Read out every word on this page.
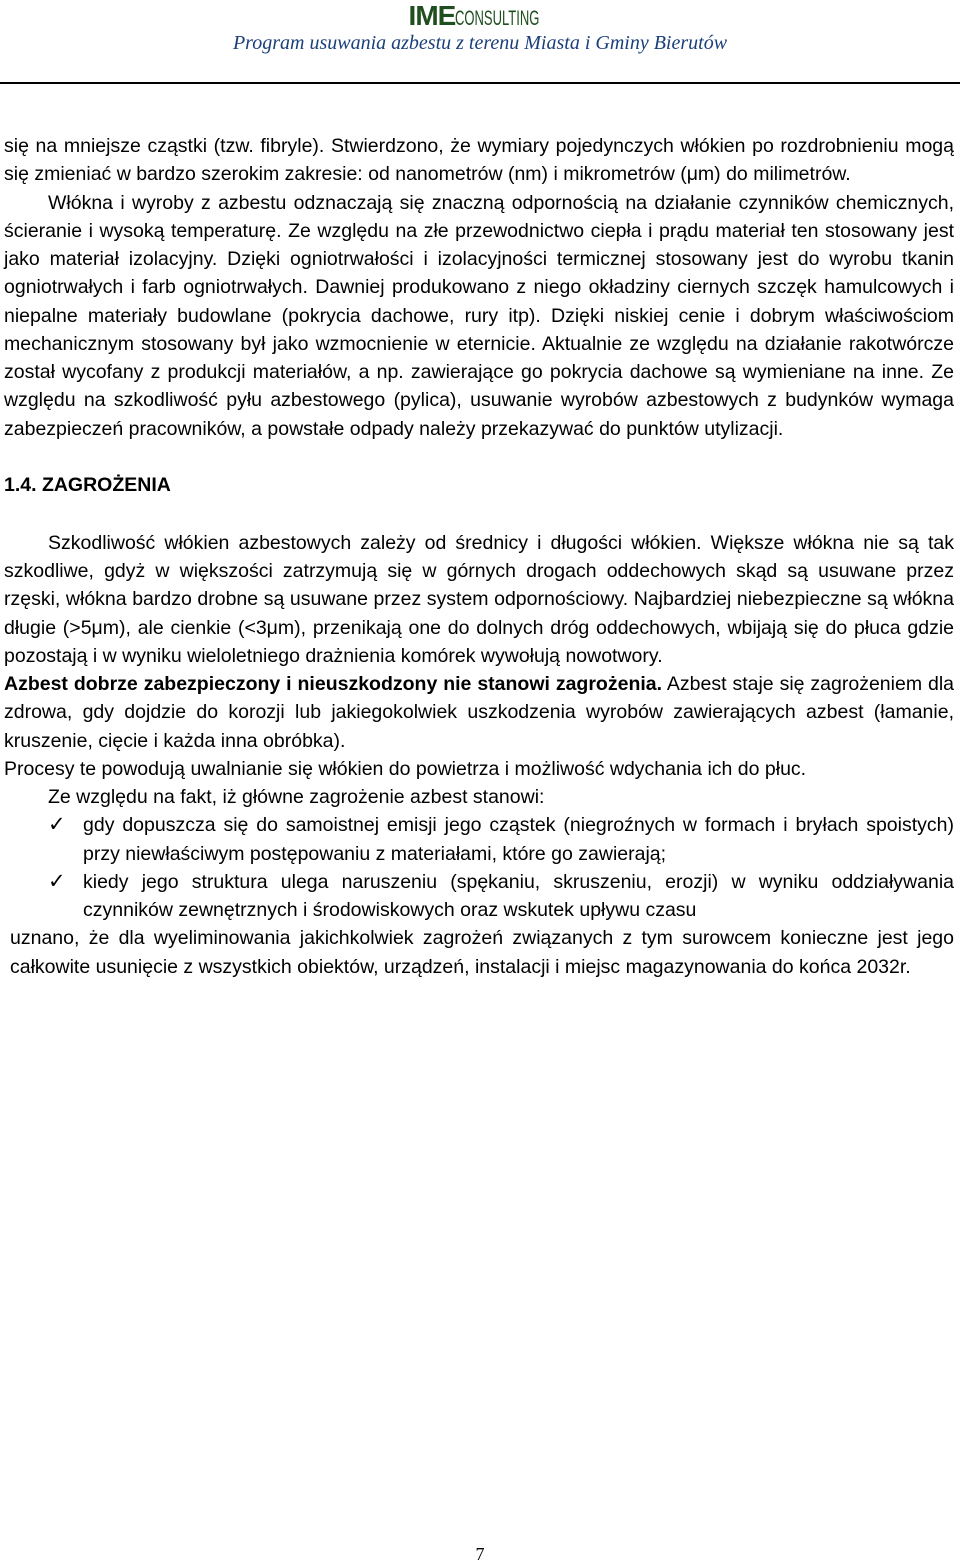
IMECONSULTING
Program usuwania azbestu z terenu Miasta i Gminy Bierutów

się na mniejsze cząstki (tzw. fibryle). Stwierdzono, że wymiary pojedynczych włókien po rozdrobnieniu mogą się zmieniać w bardzo szerokim zakresie: od nanometrów (nm) i mikrometrów (μm) do milimetrów.

Włókna i wyroby z azbestu odznaczają się znaczną odpornością na działanie czynników chemicznych, ścieranie i wysoką temperaturę. Ze względu na złe przewodnictwo ciepła i prądu materiał ten stosowany jest jako materiał izolacyjny. Dzięki ogniotrwałości i izolacyjności termicznej stosowany jest do wyrobu tkanin ogniotrwałych i farb ogniotrwałych. Dawniej produkowano z niego okładziny ciernych szczęk hamulcowych i niepalne materiały budowlane (pokrycia dachowe, rury itp). Dzięki niskiej cenie i dobrym właściwościom mechanicznym stosowany był jako wzmocnienie w eternicie. Aktualnie ze względu na działanie rakotwórcze został wycofany z produkcji materiałów, a np. zawierające go pokrycia dachowe są wymieniane na inne. Ze względu na szkodliwość pyłu azbestowego (pylica), usuwanie wyrobów azbestowych z budynków wymaga zabezpieczeń pracowników, a powstałe odpady należy przekazywać do punktów utylizacji.

1.4. ZAGROŻENIA

Szkodliwość włókien azbestowych zależy od średnicy i długości włókien. Większe włókna nie są tak szkodliwe, gdyż w większości zatrzymują się w górnych drogach oddechowych skąd są usuwane przez rzęski, włókna bardzo drobne są usuwane przez system odpornościowy. Najbardziej niebezpieczne są włókna długie (>5μm), ale cienkie (<3μm), przenikają one do dolnych dróg oddechowych, wbijają się do płuca gdzie pozostają i w wyniku wieloletniego drażnienia komórek wywołują nowotwory.

Azbest dobrze zabezpieczony i nieuszkodzony nie stanowi zagrożenia. Azbest staje się zagrożeniem dla zdrowa, gdy dojdzie do korozji lub jakiegokolwiek uszkodzenia wyrobów zawierających azbest (łamanie, kruszenie, cięcie i każda inna obróbka).

Procesy te powodują uwalnianie się włókien do powietrza i możliwość wdychania ich do płuc.

Ze względu na fakt, iż główne zagrożenie azbest stanowi:

✓ gdy dopuszcza się do samoistnej emisji jego cząstek (niegroźnych w formach i bryłach spoistych) przy niewłaściwym postępowaniu z materiałami, które go zawierają;
✓ kiedy jego struktura ulega naruszeniu (spękaniu, skruszeniu, erozji) w wyniku oddziaływania czynników zewnętrznych i środowiskowych oraz wskutek upływu czasu

uznano, że dla wyeliminowania jakichkolwiek zagrożeń związanych z tym surowcem konieczne jest jego całkowite usunięcie z wszystkich obiektów, urządzeń, instalacji i miejsc magazynowania do końca 2032r.

7
